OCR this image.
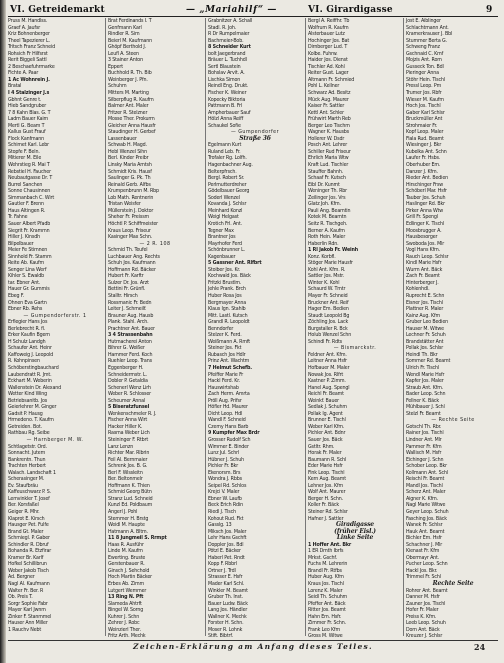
VI. Getreidemarkt	— „Mariahilf“ —	VI. Girardigasse	9
Pruss M. Handlss.
Graef A. Jaufsr
Kriz Bohnenberger
Theel Tapezierer L.
Tritsch Franz Schneid
Rohsich Fr Hilfsrst
Rerit Biggeli Sattl
2 Beschaefuhrmarke
Fichte A. Paar
1 Ac Wohnrein J.
Bratal
I 4 Stalzinger J.s
Gbhnt Genre t.
Hieb Sandgruber
7 8 Kahn Blas. G. T
Ladm Bauer Kaim
Mertl G. Beam T
Kallus Gust Frauf
Flock Kanfmann
Schimet Karl. Lebr
Stopfe F. Beln.
Mitierer M. Eile
Wehrstieg R. Mai T
Rebstiel H. Faucher
Neubautgasse Dr. T
Burrel Sanchen
Sonne Chausinnen
Simmanbach C. Wirt
Gautler F. Brenn
Haus Altingen R.
Tr. Fahne
Sauer Albert Pfadb
Siegrit Fr. Krammn
Hiller J. Kinsdh
Bilpelbauer
Meier Fe Stimnen
Sinnhold Fr. Stamm
Reite Ab. Kaufm
Senger Lina Werf
Kihler S. Ewaldb
tar. Ebner Ant.
Hauer Gr. Gummis
Ebeg F.
Ohnen Eva Gartn
Ebner Rb. Rehs
— Gumpendorferstr. 1
Erflegier Hans Jos
Berlebrecht R. fl.
Erker Kaufin Bgern
H Schulz Landgh
Schaufer Ant. Heinr
Kaffoweig J. Leopold
R. Kohnpinsen
Schöberstingbauchard
Laubendratt R. Jmt.
Eckhart M. Weberin
Wallenstein Dr. Alexand
Wetter Kind Wing
Betriebsanitb. Jos
Geierlehrer M. Ginger
Gadsit P. Hausg
Hrmedeno. T. Kaufm
Getreiden. Bot.
Rathbau Rg. Seibe
— Harnberger M. W.
Schtlagetstr. Ord.
Sonnacht. Jutem
Bankrentn. Thun
Trachten Herbert
Walach. Landschaft 1
Scherasinger M.
Ev. Staufbräu
Kaffeuschwarz P. S.
Lemvinkler T. Josef
Ber. Korsfaßel
Geiger R. Mhr.
Klaprot E. Kirsch
Hausger Pet. Fulfe
Brand Gt. Maler
Schmiegl. P. Gaber
Schindler R. Dbruf
Bohanda R. Etzfirar
Kramer Br. Karlf
Hofkel Schillibrun
Weber Jakob Tisch
Ad. Bergner
Nagl Al. Kaufmann
Walter Fr. Ber. R
Ob. Preis T.
Sorgr Sophie Fabr
Mayer Karl Jwnm
Zinker F. Stanmmel
Hauser Ann Miller
1 Rauchv Nebt
Brat Ferdinands I. T
Genfmann Karl
Rindler R. Sim
Beierl M. Kaufmann
Ghöpf Berthold J.
Leufl A. Steen
3 Stainer Anton
Eppert
Buchhold R. Th. Bib
Weinberger J. Pfn.
Schuhm
Mitters M. Marting
Silberpflug R. Kaufm
Balmer Ant. Maler
Fritzer R. Stelzner
Mosse Ther. Prokurm
Gleicher Anna Hausfr
Staudinger H. Gerbef
Lassenbauer
Schwab H. Magd.
Hebl Wenzel Sihn
Berl. Kinder Preibr
Linsky Maria Amtsh
Schmidt Kris. Hausf
Saulinger G. Pk. Th
Reinald Gerb. Alfbs
Krumpenbrunn M. Rbp
Lob Math. Rentnerin
Tristan Weisfer
Müllerstein J. Doktor
Sheher Fr. Preissm
Höchtl P. Schiffmeister
Kraus Leop. Friseur
Kasinger Max Schn.
— 2 R. 108
Schmid Th. Teufel
Luchbauer Ang. Rechts
Schuh Jos. Kaufmann
Hoffmann Rd. Bäcker
Hubert Fr. Karftr
Sulzer Dr. Jos. Arzt
Bettini Fr. Grünfl.
Stalltr. Hirsch
Rossmanic Fr. Bedn
Leiter J. Schmeilf.
Brauner Aug. Hausb
Plank. Stahl. Arch.
Prachtner Ant. Bauer
3 4 Strassenbahn
Hutmacherei Anton
Bihrer G. Weißer
Hammer Ferd. Koch
Ruehler Leop. Trans
Eggenberger H.
Schneidermstr. L.
Dobler P. Getaldia
Schenerl Wenz Lirh
Weber R. Schlosser
Scheumer Annal
5 Biseratzfunsel
Wenkenschmeler R. J.
Fischer Anna Wirt
Hacker Hiller K.
Rasma Weber Lich
Steininger F. Rtbrt
Lanz Lenzn
Richter Mar. Rlbrin
Feil Al. Bernmaier
Schrenk Jos. B. G.
Berl F. Wissleitn
Ber. Beltonmelr
Hoffmann K. Thien
Schmid Georg Bütn
Stranz Lud. Schneid
Kunzl Ed. Poldbaum
Angerl J. Pohl
Stemmer H. Brstg
Weidl M. Haupte
Hatmann A. Bltm.
11 8 Jungmeil S. Rrmpt
Haas R. Ausführ
Linde M. Kaufm
Ewerting. Bruste
Gerstenbauer R.
Ginsch J. Sehchold
Hoch Martin Bäcker
Erbes Ab. Zimm
Lutgert Wemmer
13 Ring N. Pft
Slameda Ahtrft
Bingel W. Sorng
Kuhrer J. Schn
Zehrer J. Robc
Weinzierl Ther.
Fritz Arth. Mechk
Grabnitzer A. Schall
Stadl. R. Joh.
R Dr Rumpelmaier
Bachmeier-Bob.
8 Schneider Kurt
bolt Jaegerbrand
Bräuer L. Tuchhdl
Sertl Blaustein
Bohslav Arvit. A.
Lischka Simon
Reindl Eng. Drukt.
Fischer K. Weiner
Kopecky Biktoria
Pattmann B. Frl
Ampherbauer Sauf
Hölzl Anna Reiff
Schaukel Sofie
— Gumpendorfer
Straße 36
Egelmann Kurt
Ruland Leb. Fr.
Trofaler Rg. Lolfh.
Hagenbachner Aug.
Belterpfrsch.
Bergl. Robert Sr.
Perlmutterdreher
Gödelbauer Georg
Soderl Wenzel
Kovanda J. Schlsr
Meinhard Konzl
Weigl Helgast
Krotich Frl. Ant.
Tegner Max
Brantner Jos
Mayrhofer Ferd
Schönbrunner L.
Kagenbauer
5 Gassner Ant. Rlfbrt
Stoiber Jos. Kr.
Kochwald Jos. Bäck
Fritzki Brustlm.
Jehle Prank. Brch
Huber Rosa Jos
Bergmayer Anna
Klaus Ign. Stahlb
Mitt. Lastl. Kutsch
Grandl R. Leopoldt
Benndorfer
Stelzer K. Ferd.
Weißmann A. Rmft
Steiner Jos. Fkt
Rubasch Jos Hdlr
Prinz Ant. Wachtm
7 Helmut Schefb.
Pfeiffer Marie Fr
Hackl Ferd. Kr.
Hauswirtshab
Zach Herm. Amrta
Pröll Aug. Prifsr
Höfler Hd. Maurer
Dicht Leop. Hdl
Wandl F. Schneid
Czerny Hans Barb
9 Kumpfer Max Brdr
Grosser Rudolf Sch
Wimmer E. Binder
Lunz Jul. Schrl
Hübner J. Schuh
Pichler Fr. Bkr
Ekenorsm. Brs
Wondra J. Rbbs
Seipel Rd. Schlos
Krejci V. Maler
Ebner W. Laufb
Beck Erich Rdin
Riedl J. Tisch
Kohout Rud. Fkt
Gasslg. 13
Miksch Jos. Maler
Lehr Hans Gschft
Doppler Jos. Bdl
Pötzl E. Bäcker
Haberl Pet. Rndt
Kopp F. Rbbrl
Ortner J. Trdl
Strasser E. Hsfr
Mader Karl Schl.
Winkler M. Beamt
Gruber Th. Inst.
Bauer Ludw. Bäck
Lang Jos. Händler
Wallner K. Mechk
Forster H. Schn.
Moser R. Lohnk
Stift. Bibtrf.
Bergl A. Reiffhr. Tb
Wolfrum R. Kaufm
Alsterbauer Lutz
Hochinger Jos. Bat
Dirnberger Lud. T
Kolbe. Fuhrw.
Haider Jos. Dienst
Tischler Ad. Kohl
Reiter Gust. Lager
Altmann Fr. Schmied
Pohl L. Kellner
Schwarz Ad. Besitz
Mück Aug. Maurer
Kaiser Fr. Sattler
Kettl Ant. Schler
Frühwirt Marth Reb
Berger Leo Tischm
Wagner K. Hausbs
Hollerer W. Dsdr
Posch Ant. Lehrer
Schiller Rud Friseur
Ehrlich Maria Wtw
Kraft Lud. Tischler
Stauffer Bahnh.
Schaaf Fr. Kutsch
Eibl Dr. Kunrnt
Weninger Th. Rbr
Zeilinger Jos. Vrs
Glatz Joh. Kfm.
Pauli Ang. Beamtin
Kotek M. Beamtn
Seitz R. Tischgeh.
Berner A. Kaufm
Roth Hein. Maler
Haberlin Rdn.
1 Rl Jakob Fr. Weinh
Konz. Korbfl.
Stöger Marie Hausfr
Kohl Ant. Kfm. R.
Sattler Jos. Mstr.
Winter K. Kohl
Schaurd W. Tmtr
Mayer Fr. Schneid
Bruckner Ant. Reif
Hager Em. Bedien
Staudt Leopold Bg
Zöchling Jos. Lack
Burgstaller R. Bck
Holub Wenzel Schn
Schindl Fr. Rdts
— Bismarckstr.
Feldner Ant. Kfm.
Leitner Anna Hsfr
Hofbauer M. Maler
Nowak Jos. Rlfrt
Kastner P. Zimm.
Hanel Aug. Spengl
Reichl Fr. Beamt
Weinkf. Bauer
Sedlak J. Schuhm
Pollak Ig. Agent
Brunner E. Tischl
Weber Karl Kfm.
Pichler Ant. Bdnr
Sauer Jos. Bäck
Gstltr. Rhm.
Horak Fr. Maler
Baumann R. Schl
Eder Marie Hsfr
Fink Leop. Tischl
Kern Aug. Beamt
Lehner Jos. Kfm
Wolf Ant. Maurer
Berger H. Schn.
Koller Fr. Bäck
Steiner Rd. Schlsr
Hafner J. Sattler
Giradigasse
(früher Eisl.)
Linke Seite
1 Hoffer Ant. Bkr
1 ER Dmth Ibrfs
Mrkst. Gschf.
Fuchs M. Lehrerin
Brandl Fr. Rtfbs
Huber Aug. Kfm
Kraus Jos. Tischl
Lorenz K. Maler
Seidl Th. Schuhm
Pfeffer Ant. Bäck
Ritter Jos. Beamt
Hahn Em. Hsfr.
Zimmer Fr. Schn.
Frank Leo Kfm
Gross M. Witwe
Jost E. Aiblinger
Schlachtmann Ant.
Kramerkrauser J. Bbl
Stummer Berta G.
Schweng Franz
Gschnaid C. Kmf
Mojzis Ant. Rom
Gusseck Ton. Bdl
Pieringer Anna
Stöhr Hein. Tischl
Pressl Leop. Pm
Trumer Jos. Rbfr
Wieser M. Kaufm
Hoch Jos. Tischl
Gaber Karl Schlsr
Bruckmüller Ant
Strohmaier Fr.
Kopf Leop. Maler
Fiala Rud. Beamt
Wiesinger J. Bkr
Kubelka Ant. Schn
Laufer Fr. Hsbs.
Oberhuber Em.
Danzer J. Kfm.
Rieder Ant. Bedien
Hirschinger Frsw
Schöberl Mar. Hsfr
Tauber Jos. Schuh
Haslinger Rd. Bkr
Pirker Anna Wtw
Grill Fr. Spengl
Edlinger K. Tischl
Moosbrugger A.
Hausbesorger
Swoboda Jos. Mlr
Vogl Hans Kfm.
Rauch Leop. Schlsr
Kindl Marie Hsfr
Wurm Ant. Bäck
Zach Fr. Beamt
Hinterberger J.
Kohlenhdl.
Ruprecht E. Schn
Eisner Jos. Tischl
Plattner R. Maler
Kainz Aug. Kfm
Gruber Leo Bedien
Hauser M. Witwe
Lechner Fr. Schuh
Brandstätter Ant
Pollak Jos. Schlsr
Heindl Th. Bkr
Sommer Rd. Beamt
Ulrich Fr. Tischl
Wendl Marie Hsfr
Kapfer Jos. Maler
Straub Ant. Kfm.
Bader Leop. Schn
Fellner K. Bäck
Mühlbauer J. Schl
Stelzl Fr. Beamt
— Rechte Seite
Gotschl Th. Rbr.
Rainer Jos. Tischl
Lindner Ant. Mlr
Pammer Fr. Kfm
Wallisch M. Hsfr
Eichinger J. Schn
Schober Leop. Bkr
Kollmann Ant. Schl
Reischl Fr. Beamt
Mandl Jos. Tischl
Scherz Ant. Maler
Aigner K. Kfm.
Nagl Marie Witwe
Geyer Leop. Schuh
Fasching Jos. Bäck
Wanek Fr. Schlsr
Hauk Ant. Beamt
Bichler Em. Hsfr
Schachner J. Mlr
Kienast Fr. Kfm
Obermayr Ant.
Pucher Leop. Schn
Hackl Jos. Bkr.
Trimmel Fr. Schl
Rechte Seite
Rohrer Ant. Beamt
Danner M. Hsfr
Zauner Jos. Tischl
Hofer Fr. Maler
Preiss K. Kfm.
Leeb Leop. Schuh
Dorn Ant. Bäck
Kreuzer J. Schlsr
Zeichen-Erklärung am Anfang dieses Teiles.	24
